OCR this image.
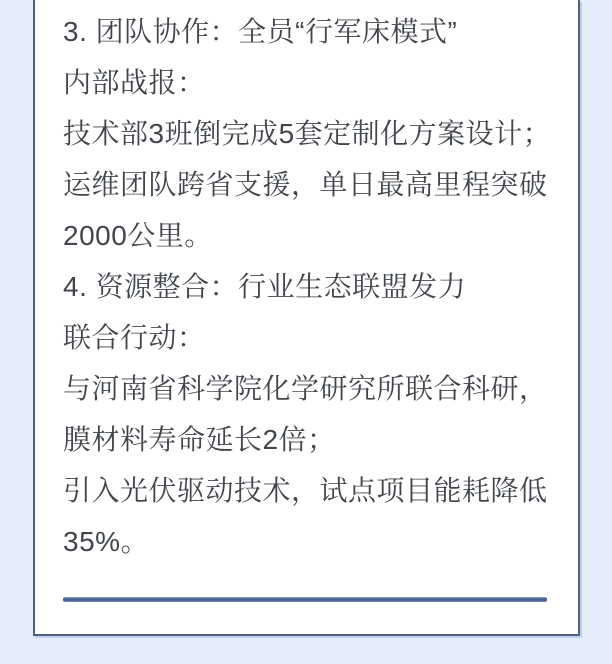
3. 团队协作：全员“行军床模式”
内部战报：
技术部3班倒完成5套定制化方案设计；
运维团队跨省支援，单日最高里程突破
2000公里。
4. 资源整合：行业生态联盟发力
联合行动：
与河南省科学院化学研究所联合科研，
膜材料寿命延长2倍；
引入光伏驱动技术，试点项目能耗降低
35%。
